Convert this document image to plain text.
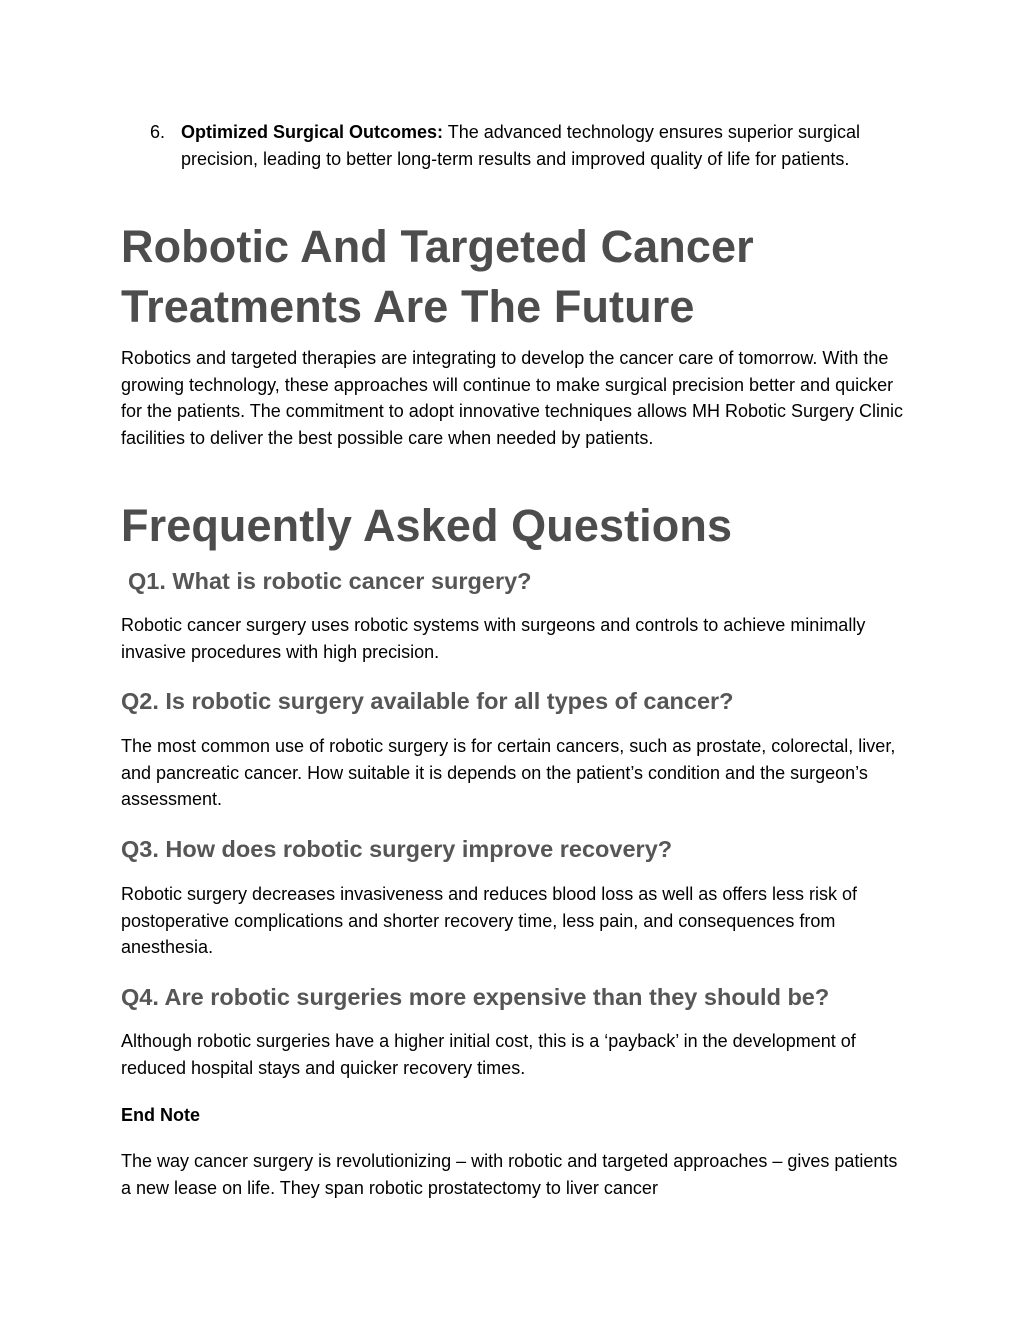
6. Optimized Surgical Outcomes: The advanced technology ensures superior surgical precision, leading to better long-term results and improved quality of life for patients.
Robotic And Targeted Cancer Treatments Are The Future

Robotics and targeted therapies are integrating to develop the cancer care of tomorrow. With the growing technology, these approaches will continue to make surgical precision better and quicker for the patients. The commitment to adopt innovative techniques allows MH Robotic Surgery Clinic facilities to deliver the best possible care when needed by patients.

Frequently Asked Questions
Q1. What is robotic cancer surgery?

Robotic cancer surgery uses robotic systems with surgeons and controls to achieve minimally invasive procedures with high precision.

Q2. Is robotic surgery available for all types of cancer?

The most common use of robotic surgery is for certain cancers, such as prostate, colorectal, liver, and pancreatic cancer. How suitable it is depends on the patient’s condition and the surgeon’s assessment.

Q3. How does robotic surgery improve recovery?

Robotic surgery decreases invasiveness and reduces blood loss as well as offers less risk of postoperative complications and shorter recovery time, less pain, and consequences from anesthesia.

Q4. Are robotic surgeries more expensive than they should be?

Although robotic surgeries have a higher initial cost, this is a ‘payback’ in the development of reduced hospital stays and quicker recovery times.

End Note

The way cancer surgery is revolutionizing – with robotic and targeted approaches – gives patients a new lease on life. They span robotic prostatectomy to liver cancer
